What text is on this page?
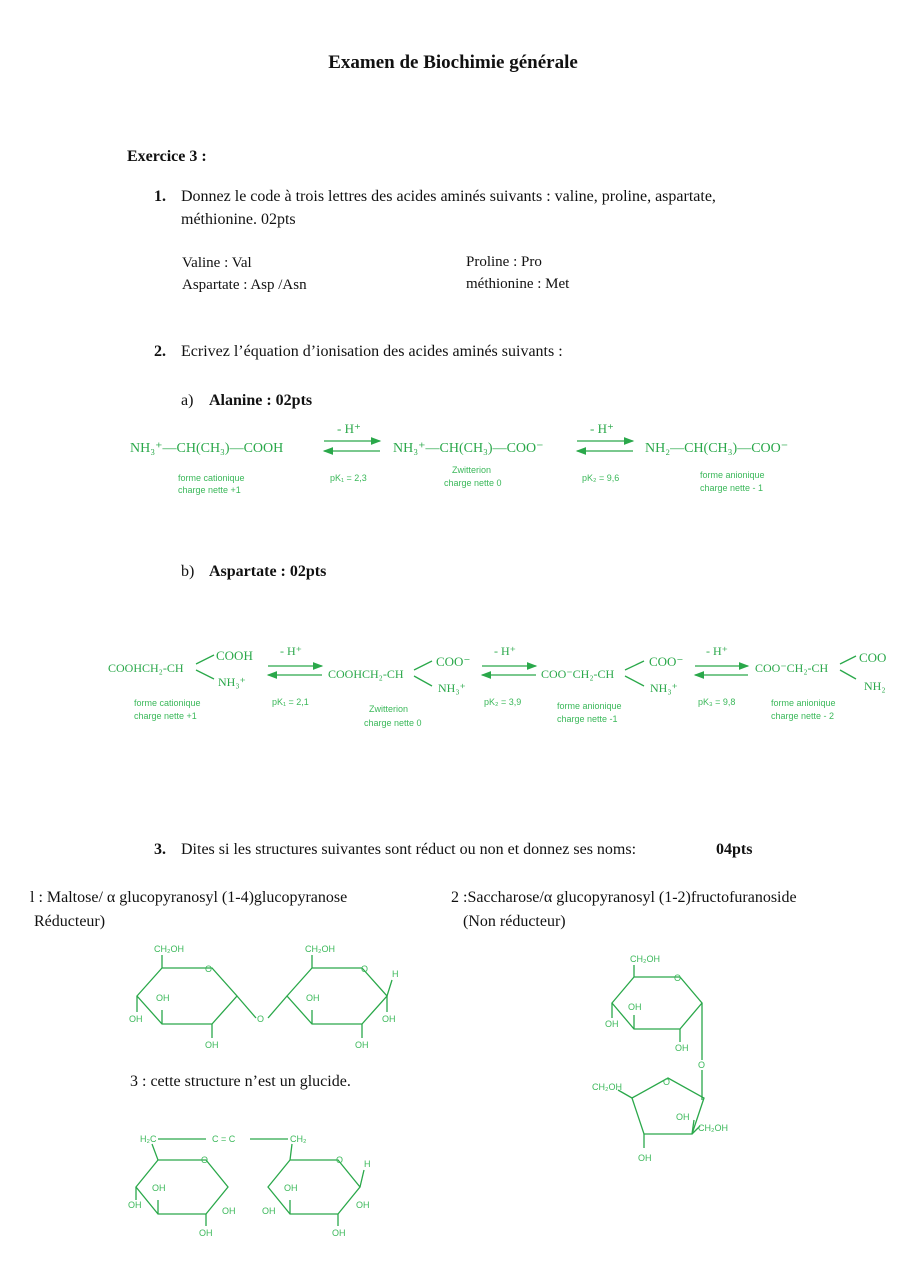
Examen de Biochimie générale
Exercice 3 :
1. Donnez le code à trois lettres des acides aminés suivants : valine, proline, aspartate,
méthionine. 02pts
Valine : Val	Proline : Pro
Aspartate : Asp /Asn	méthionine : Met
2. Ecrivez l’équation d’ionisation des acides aminés suivants :
a) Alanine : 02pts
b) Aspartate : 02pts
3. Dites si les structures suivantes sont réduct ou non et donnez ses noms:	04pts
l : Maltose/ α glucopyranosyl (1-4)glucopyranose
Réducteur)
2 :Saccharose/α glucopyranosyl (1-2)fructofuranoside
(Non réducteur)
3 : cette structure n’est un glucide.
NH₃⁺—CH(CH₃)—COOH	NH₃⁺—CH(CH₃)—COO⁻	NH₂—CH(CH₃)—COO⁻
- H⁺	- H⁺
pK₁ = 2,3	pK₂ = 9,6
forme cationique
charge nette +1
Zwitterion
charge nette 0
forme anionique
charge nette - 1
COOHCH₂-CH
COOH
NH₃⁺
COOHCH₂-CH
COO⁻
NH₃⁺
COO⁻CH₂-CH
COO⁻
NH₃⁺
COO⁻CH₂-CH
COO
NH₂
- H⁺	- H⁺	- H⁺
pK₁ = 2,1	pK₂ = 3,9	pK₃ = 9,8
forme cationique
charge nette +1
Zwitterion
charge nette 0
forme anionique
charge nette -1
forme anionique
charge nette - 2
CH₂OH
O
OH
OH
OH
O
CH₂OH
O	H
OH
OH
OH
CH₂OH
O
OH
OH
OH
O
CH₂OH	O
OH
CH₂OH
OH
H₂C	C = C	CH₂
O
OH
OH
OH
OH
O H
OH
OH
OH
OH
